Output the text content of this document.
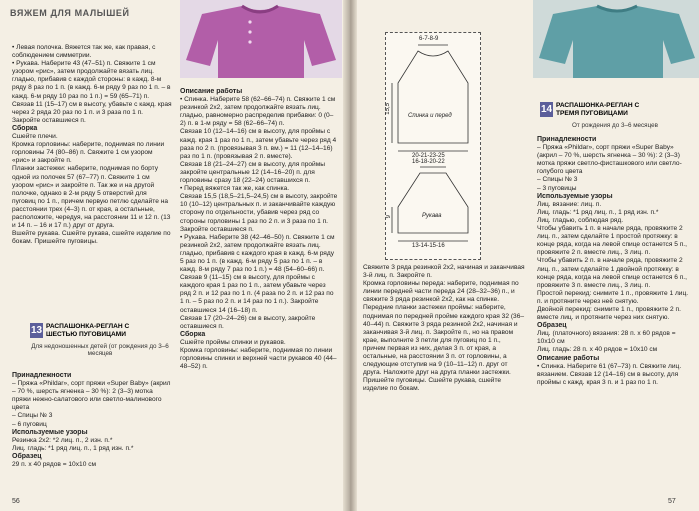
ВЯЖЕМ ДЛЯ МАЛЫШЕЙ

• Левая полочка. Вяжется так же, как правая, с соблюдением симметрии.

• Рукава. Наберите 43 (47–51) п. Свяжите 1 см узором «рис», затем продолжайте вязать лиц. гладью, прибавив с каждой стороны: в кажд. 8-м ряду 8 раз по 1 п. (в кажд. 6-м ряду 9 раз по 1 п. – в кажд. 6-м ряду 10 раз по 1 п.) = 59 (65–71) п.

Связав 11 (15–17) см в высоту, убавьте с кажд. края через 2 ряда 20 раз по 1 п. и 3 раза по 1 п. Закройте оставшиеся п.

Сборка

Сшейте плечи.

Кромка горловины: наберите, поднимая по линии горловины 74 (80–86) п. Свяжите 1 см узором «рис» и закройте п.

Планки застежки: наберите, поднимая по борту одной из полочек 57 (67–77) п. Свяжите 1 см узором «рис» и закройте п. Так же и на другой полочке, однако в 2-м ряду 5 отверстий для пуговиц по 1 п., причем первую петлю сделайте на расстоянии трех (4–3) п. от края, а остальные, расположите, чередуя, на расстоянии 11 и 12 п. (13 и 14 п. – 16 и 17 п.) друг от друга.

Вшейте рукава. Сшейте рукава, сшейте изделие по бокам. Пришейте пуговицы.

13 РАСПАШОНКА-РЕГЛАН С ШЕСТЬЮ ПУГОВИЦАМИ
Для недоношенных детей (от рождения до 3–6 месяцев

Принадлежности

– Пряжа «Phildar», сорт пряжи «Super Baby» (акрил – 70 %, шерсть ягненка – 30 %): 2 (3–3) мотка пряжи нежно-салатового или светло-малинового цвета

– Спицы № 3

– 6 пуговиц

Используемые узоры

Резинка 2х2: *2 лиц. п., 2 изн. п.*

Лиц. гладь: *1 ряд лиц. п., 1 ряд изн. п.*

Образец

29 п. х 40 рядов = 10х10 см

Описание работы

• Спинка. Наберите 58 (62–66–74) п. Свяжите 1 см резинкой 2х2, затем продолжайте вязать лиц. гладью, равномерно распределив прибавки: 0 (0–2) п. в 1-м ряду = 58 (62–66–74) п.

Связав 10 (12–14–16) см в высоту, для проймы с кажд. края 1 раз по 1 п., затем убавьте через ряд 4 раза по 2 п. (провязывая 3 п. вм.) = 11 (12–14–16) раз по 1 п. (провязывая 2 п. вместе).

Связав 18 (21–24–27) см в высоту, для проймы закройте центральные 12 (14–16–20) п. для горловины сразу 18 (22–24) оставшихся п.

• Перед вяжется так же, как спинка.

Связав 15,5 (18,5–21,5–24,5) см в высоту, закройте 10 (10–12) центральных п. и заканчивайте каждую сторону по отдельности, убавив через ряд со стороны горловины 1 раз по 2 п. и 3 раза по 1 п. Закройте оставшиеся п.

• Рукава. Наберите 38 (42–46–50) п. Свяжите 1 см резинкой 2х2, затем продолжайте вязать лиц. гладью, прибавив с каждого края в кажд. 6-м ряду 5 раз по 1 п. (в кажд. 6-м ряду 5 раз по 1 п. – в кажд. 8-м ряду 7 раз по 1 п.) = 48 (54–60–66) п.

Связав 9 (11–15) см в высоту, для проймы с каждого края 1 раз по 1 п., затем убавьте через ряд 2 п. и 12 раз по 1 п. (4 раза по 2 п. и 12 раз по 1 п. – 5 раз по 2 п. и 14 раз по 1 п.). Закройте оставшиеся 14 (16–18) п.

Связав 17 (20–24–26) см в высоту, закройте оставшиеся п.

Сборка

Сшейте проймы спинки и рукавов.

Кромка горловины: наберите, поднимая по линии горловины спинки и верхней части рукавов 40 (44–48–52) п.

56
6-7-8-9
Спинка и перед
15,5
20-21-23-25
16-18-20-22
Рукава
9
13-14-15-16

Свяжите 3 ряда резинкой 2х2, начиная и заканчивая 3-й лиц. п. Закройте п.

Кромка горловины переда: наберите, поднимая по линии передней части переда 24 (28–32–36) п., и свяжите 3 ряда резинкой 2х2, как на спинке.

Передние планки застежки проймы: наберите, поднимая по передней пройме каждого края 32 (36–40–44) п. Свяжите 3 ряда резинкой 2х2, начиная и заканчивая 3-й лиц. п. Закройте п., но на правом крае, выполните 3 петли для пуговиц по 1 п., причем первая из них, делая 3 п. от края, а остальные, на расстоянии 3 п. от горловины, а следующие отступив на 9 (10–11–12) п. друг от друга. Наложите друг на друга планки застежки. Пришейте пуговицы. Сшейте рукава, сшейте изделие по бокам.

14 РАСПАШОНКА-РЕГЛАН С ТРЕМЯ ПУГОВИЦАМИ
От рождения до 3–6 месяцев

Принадлежности

– Пряжа «Phildar», сорт пряжи «Super Baby» (акрил – 70 %, шерсть ягненка – 30 %): 2 (3–3) мотка пряжи светло-фисташкового или светло-голубого цвета

– Спицы № 3

– 3 пуговицы

Используемые узоры

Лиц. вязание: лиц. п.

Лиц. гладь: *1 ряд лиц. п., 1 ряд изн. п.*

Лиц. гладью, соблюдая ряд.

Чтобы убавить 1 п. в начале ряда, провяжите 2 лиц. п., затем сделайте 1 простой протяжку: в конце ряда, когда на левой спице останется 5 п., провяжите 2 п. вместе лиц., 3 лиц. п.

Чтобы убавить 2 п. в начале ряда, провяжите 2 лиц. п., затем сделайте 1 двойной протяжку: в конце ряда, когда на левой спице останется 6 п., провяжите 3 п. вместе лиц., 3 лиц. п.

Простой перекид: снимите 1 п., провяжите 1 лиц. п. и протяните через неё снятую.

Двойной перекид: снимите 1 п., провяжите 2 п. вместе лиц. и протяните через них снятую.

Образец

Лиц. (платочного) вязания: 28 п. х 60 рядов = 10х10 см

Лиц. гладь: 28 п. х 40 рядов = 10х10 см

Описание работы

• Спинка. Наберите 61 (67–73) п. Свяжите лиц. вязанием. Связав 12 (14–16) см в высоту, для проймы с кажд. края 3 п. и 1 раз по 1 п.

57
